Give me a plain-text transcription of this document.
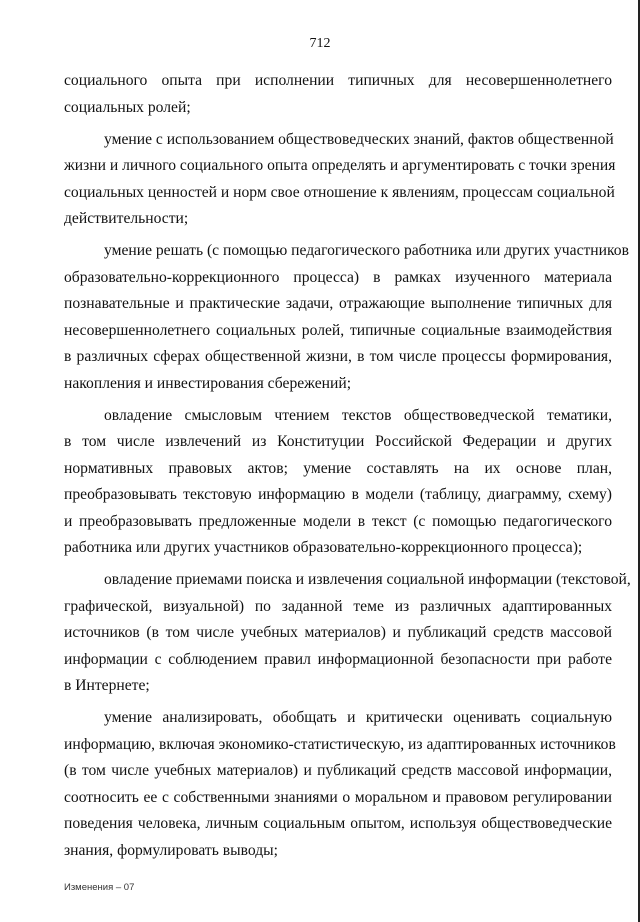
712
социального опыта при исполнении типичных для несовершеннолетнего
социальных ролей;
умение с использованием обществоведческих знаний, фактов общественной
жизни и личного социального опыта определять и аргументировать с точки зрения
социальных ценностей и норм свое отношение к явлениям, процессам социальной
действительности;
умение решать (с помощью педагогического работника или других участников
образовательно-коррекционного процесса) в рамках изученного материала
познавательные и практические задачи, отражающие выполнение типичных для
несовершеннолетнего социальных ролей, типичные социальные взаимодействия
в различных сферах общественной жизни, в том числе процессы формирования,
накопления и инвестирования сбережений;
овладение смысловым чтением текстов обществоведческой тематики,
в том числе извлечений из Конституции Российской Федерации и других
нормативных правовых актов; умение составлять на их основе план,
преобразовывать текстовую информацию в модели (таблицу, диаграмму, схему)
и преобразовывать предложенные модели в текст (с помощью педагогического
работника или других участников образовательно-коррекционного процесса);
овладение приемами поиска и извлечения социальной информации (текстовой,
графической, визуальной) по заданной теме из различных адаптированных
источников (в том числе учебных материалов) и публикаций средств массовой
информации с соблюдением правил информационной безопасности при работе
в Интернете;
умение анализировать, обобщать и критически оценивать социальную
информацию, включая экономико-статистическую, из адаптированных источников
(в том числе учебных материалов) и публикаций средств массовой информации,
соотносить ее с собственными знаниями о моральном и правовом регулировании
поведения человека, личным социальным опытом, используя обществоведческие
знания, формулировать выводы;
Изменения – 07
